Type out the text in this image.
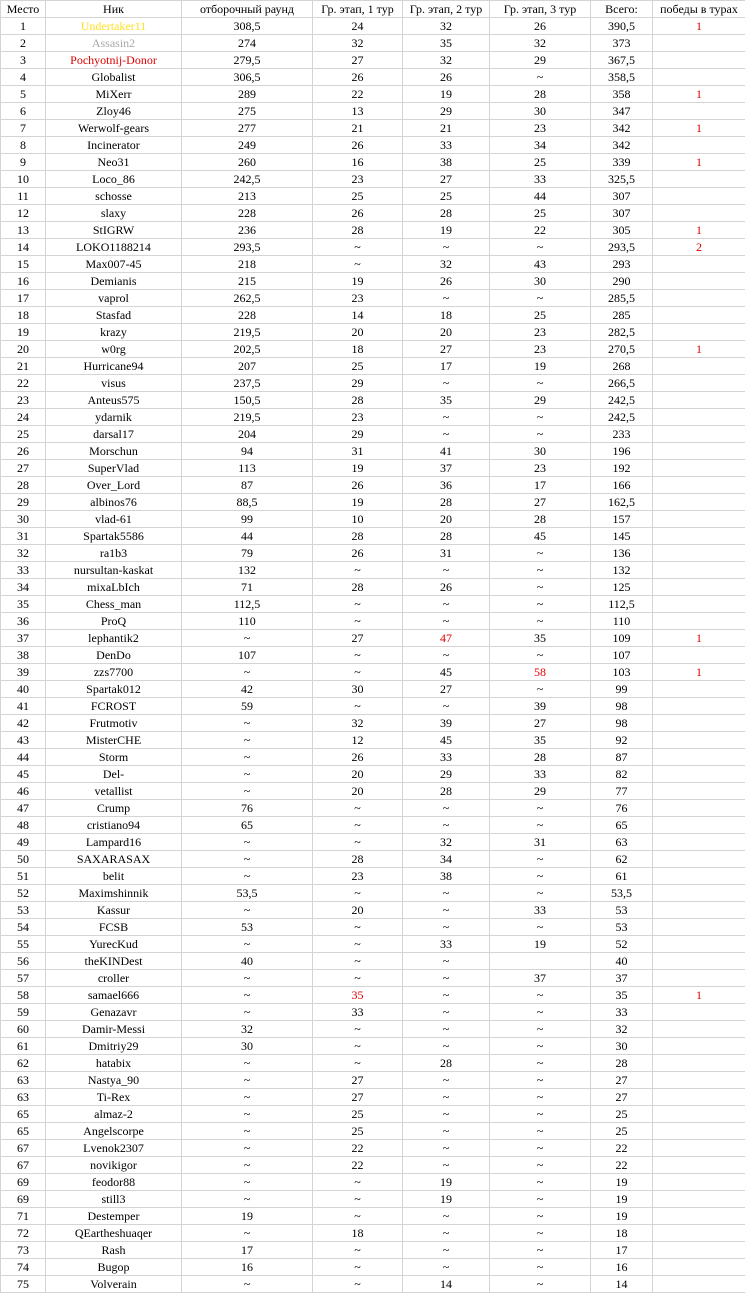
Место	Ник	отборочный раунд	Гр. этап, 1 тур	Гр. этап, 2 тур	Гр. этап, 3 тур	Всего:	победы в турах
1	Undertaker11	308,5	24	32	26	390,5	1
2	Assasin2	274	32	35	32	373	
3	Pochyotnij-Donor	279,5	27	32	29	367,5	
4	Globalist	306,5	26	26	~	358,5	
5	MiXerr	289	22	19	28	358	1
6	Zloy46	275	13	29	30	347	
7	Werwolf-gears	277	21	21	23	342	1
8	Incinerator	249	26	33	34	342	
9	Neo31	260	16	38	25	339	1
10	Loco_86	242,5	23	27	33	325,5	
11	schosse	213	25	25	44	307	
12	slaxy	228	26	28	25	307	
13	StIGRW	236	28	19	22	305	1
14	LOKO1188214	293,5	~	~	~	293,5	2
15	Max007-45	218	~	32	43	293	
16	Demianis	215	19	26	30	290	
17	vaprol	262,5	23	~	~	285,5	
18	Stasfad	228	14	18	25	285	
19	krazy	219,5	20	20	23	282,5	
20	w0rg	202,5	18	27	23	270,5	1
21	Hurricane94	207	25	17	19	268	
22	visus	237,5	29	~	~	266,5	
23	Anteus575	150,5	28	35	29	242,5	
24	ydarnik	219,5	23	~	~	242,5	
25	darsal17	204	29	~	~	233	
26	Morschun	94	31	41	30	196	
27	SuperVlad	113	19	37	23	192	
28	Over_Lord	87	26	36	17	166	
29	albinos76	88,5	19	28	27	162,5	
30	vlad-61	99	10	20	28	157	
31	Spartak5586	44	28	28	45	145	
32	ra1b3	79	26	31	~	136	
33	nursultan-kaskat	132	~	~	~	132	
34	mixaLbIch	71	28	26	~	125	
35	Chess_man	112,5	~	~	~	112,5	
36	ProQ	110	~	~	~	110	
37	lephantik2	~	27	47	35	109	1
38	DenDo	107	~	~	~	107	
39	zzs7700	~	~	45	58	103	1
40	Spartak012	42	30	27	~	99	
41	FCROST	59	~	~	39	98	
42	Frutmotiv	~	32	39	27	98	
43	MisterCHE	~	12	45	35	92	
44	Storm	~	26	33	28	87	
45	Del-	~	20	29	33	82	
46	vetallist	~	20	28	29	77	
47	Crump	76	~	~	~	76	
48	cristiano94	65	~	~	~	65	
49	Lampard16	~	~	32	31	63	
50	SAXARASAX	~	28	34	~	62	
51	belit	~	23	38	~	61	
52	Maximshinnik	53,5	~	~	~	53,5	
53	Kassur	~	20	~	33	53	
54	FCSB	53	~	~	~	53	
55	YurecKud	~	~	33	19	52	
56	theKINDest	40	~	~		40	
57	croller	~	~	~	37	37	
58	samael666	~	35	~	~	35	1
59	Genazavr	~	33	~	~	33	
60	Damir-Messi	32	~	~	~	32	
61	Dmitriy29	30	~	~	~	30	
62	hatabix	~	~	28	~	28	
63	Nastya_90	~	27	~	~	27	
63	Ti-Rex	~	27	~	~	27	
65	almaz-2	~	25	~	~	25	
65	Angelscorpe	~	25	~	~	25	
67	Lvenok2307	~	22	~	~	22	
67	novikigor	~	22	~	~	22	
69	feodor88	~	~	19	~	19	
69	still3	~	~	19	~	19	
71	Destemper	19	~	~	~	19	
72	QEartheshuaqer	~	18	~	~	18	
73	Rash	17	~	~	~	17	
74	Bugop	16	~	~	~	16	
75	Volverain	~	~	14	~	14	
